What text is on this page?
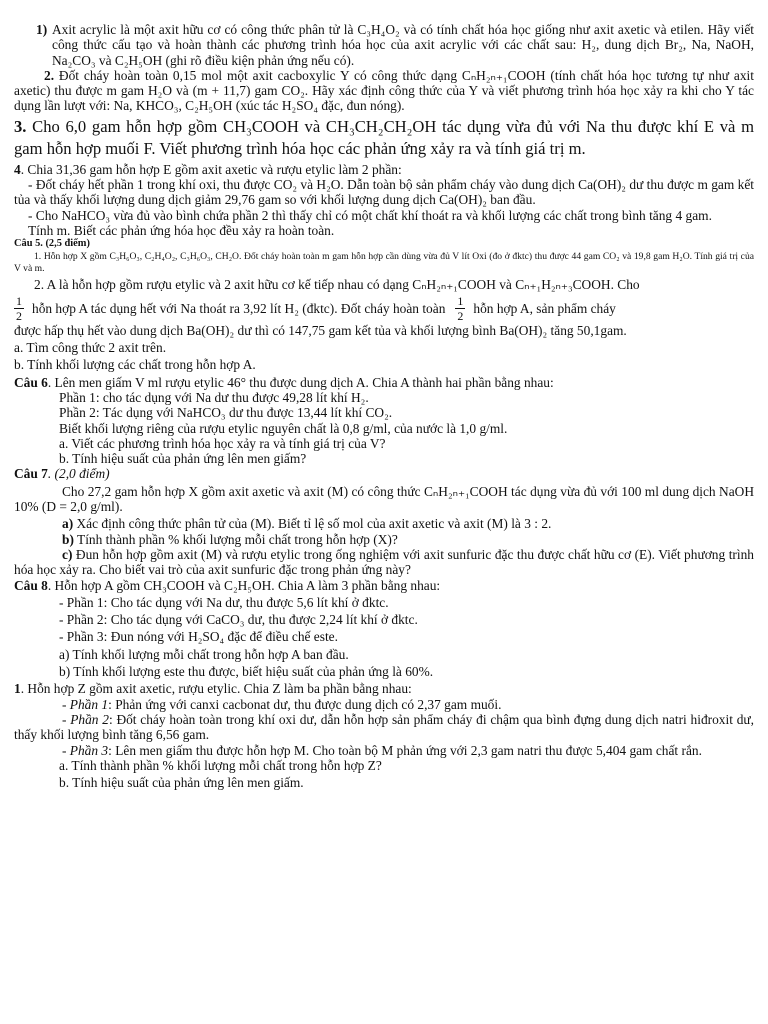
1) Axit acrylic là một axit hữu cơ có công thức phân tử là C₃H₄O₂ và có tính chất hóa học giống như axit axetic và etilen. Hãy viết công thức cấu tạo và hoàn thành các phương trình hóa học của axit acrylic với các chất sau: H₂, dung dịch Br₂, Na, NaOH, Na₂CO₃ và C₂H₅OH (ghi rõ điều kiện phản ứng nếu có).

2. Đốt cháy hoàn toàn 0,15 mol một axit cacboxylic Y có công thức dạng CₙH₂ₙ₊₁COOH (tính chất hóa học tương tự như axit axetic) thu được m gam H₂O và (m + 11,7) gam CO₂. Hãy xác định công thức của Y và viết phương trình hóa học xảy ra khi cho Y tác dụng lần lượt với: Na, KHCO₃, C₂H₅OH (xúc tác H₂SO₄ đặc, đun nóng).

3. Cho 6,0 gam hỗn hợp gồm CH₃COOH và CH₃CH₂CH₂OH tác dụng vừa đủ với Na thu được khí E và m gam hỗn hợp muối F. Viết phương trình hóa học các phản ứng xảy ra và tính giá trị m.

4. Chia 31,36 gam hỗn hợp E gồm axit axetic và rượu etylic làm 2 phần:

- Đốt cháy hết phần 1 trong khí oxi, thu được CO₂ và H₂O. Dẫn toàn bộ sản phẩm cháy vào dung dịch Ca(OH)₂ dư thu được m gam kết tủa và thấy khối lượng dung dịch giảm 29,76 gam so với khối lượng dung dịch Ca(OH)₂ ban đầu.

- Cho NaHCO₃ vừa đủ vào bình chứa phần 2 thì thấy chỉ có một chất khí thoát ra và khối lượng các chất trong bình tăng 4 gam.

Tính m. Biết các phản ứng hóa học đều xảy ra hoàn toàn.

Câu 5. (2,5 điểm)

1. Hỗn hợp X gồm C₃H₆O₃, C₂H₄O₂, C₃H₆O₃, CH₂O. Đốt cháy hoàn toàn m gam hỗn hợp cần dùng vừa đủ V lít Oxi (đo ở đktc) thu được 44 gam CO₂ và 19,8 gam H₂O. Tính giá trị của V và m.

2. A là hỗn hợp gồm rượu etylic và 2 axit hữu cơ kế tiếp nhau có dạng CₙH₂ₙ₊₁COOH và Cₙ₊₁H₂ₙ₊₃COOH. Cho

$\frac{1}{2}$ hỗn hợp A tác dụng hết với Na thoát ra 3,92 lít H₂ (đktc). Đốt cháy hoàn toàn $\frac{1}{2}$ hỗn hợp A, sản phẩm cháy

được hấp thụ hết vào dung dịch Ba(OH)₂ dư thì có 147,75 gam kết tủa và khối lượng bình Ba(OH)₂ tăng 50,1gam.

a. Tìm công thức 2 axit trên.

b. Tính khối lượng các chất trong hỗn hợp A.

Câu 6. Lên men giấm V ml rượu etylic 46° thu được dung dịch A. Chia A thành hai phần bằng nhau:

Phần 1: cho tác dụng với Na dư thu được 49,28 lít khí H₂.

Phần 2: Tác dụng với NaHCO₃ dư thu được 13,44 lít khí CO₂.

Biết khối lượng riêng của rượu etylic nguyên chất là 0,8 g/ml, của nước là 1,0 g/ml.

a. Viết các phương trình hóa học xảy ra và tính giá trị của V?

b. Tính hiệu suất của phản ứng lên men giấm?

Câu 7. (2,0 điểm)

Cho 27,2 gam hỗn hợp X gồm axit axetic và axit (M) có công thức CₙH₂ₙ₊₁COOH tác dụng vừa đủ với 100 ml dung dịch NaOH 10% (D = 2,0 g/ml).

a) Xác định công thức phân tử của (M). Biết tỉ lệ số mol của axit axetic và axit (M) là 3 : 2.

b) Tính thành phần % khối lượng mỗi chất trong hỗn hợp (X)?

c) Đun hỗn hợp gồm axit (M) và rượu etylic trong ống nghiệm với axit sunfuric đặc thu được chất hữu cơ (E). Viết phương trình hóa học xảy ra. Cho biết vai trò của axit sunfuric đặc trong phản ứng này?

Câu 8. Hỗn hợp A gồm CH₃COOH và C₂H₅OH. Chia A làm 3 phần bằng nhau:

- Phần 1: Cho tác dụng với Na dư, thu được 5,6 lít khí ở đktc.

- Phần 2: Cho tác dụng với CaCO₃ dư, thu được 2,24 lít khí ở đktc.

- Phần 3: Đun nóng với H₂SO₄ đặc để điều chế este.

a) Tính khối lượng mỗi chất trong hỗn hợp A ban đầu.

b) Tính khối lượng este thu được, biết hiệu suất của phản ứng là 60%.

1. Hỗn hợp Z gồm axit axetic, rượu etylic. Chia Z làm ba phần bằng nhau:

- Phần 1: Phản ứng với canxi cacbonat dư, thu được dung dịch có 2,37 gam muối.

- Phần 2: Đốt cháy hoàn toàn trong khí oxi dư, dẫn hỗn hợp sản phẩm cháy đi chậm qua bình đựng dung dịch natri hiđroxit dư, thấy khối lượng bình tăng 6,56 gam.

- Phần 3: Lên men giấm thu được hỗn hợp M. Cho toàn bộ M phản ứng với 2,3 gam natri thu được 5,404 gam chất rắn.

a. Tính thành phần % khối lượng mỗi chất trong hỗn hợp Z?

b. Tính hiệu suất của phản ứng lên men giấm.
